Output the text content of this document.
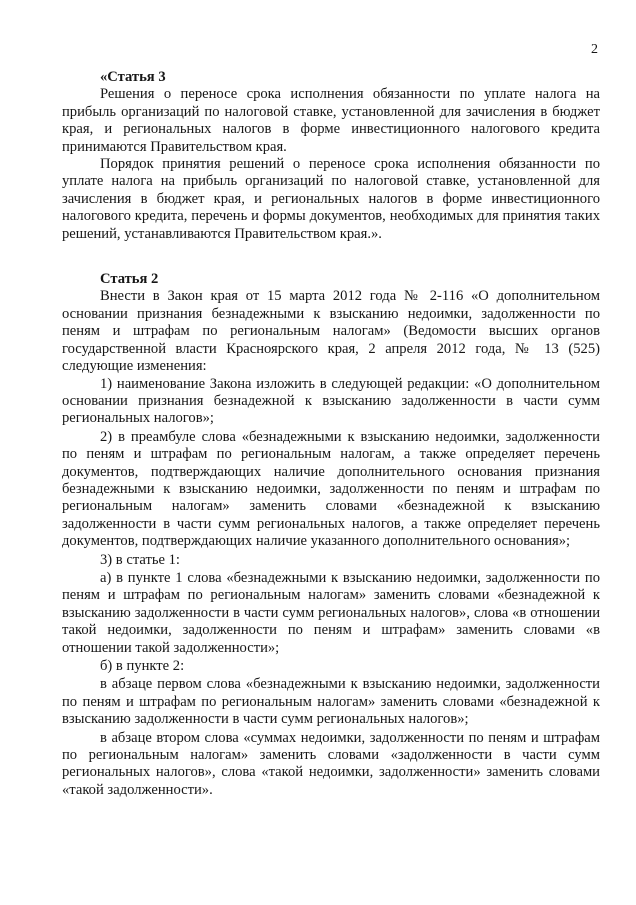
2

«Статья 3

Решения о переносе срока исполнения обязанности по уплате налога на прибыль организаций по налоговой ставке, установленной для зачисления в бюджет края, и региональных налогов в форме инвестиционного налогового кредита принимаются Правительством края.

Порядок принятия решений о переносе срока исполнения обязанности по уплате налога на прибыль организаций по налоговой ставке, установленной для зачисления в бюджет края, и региональных налогов в форме инвестиционного налогового кредита, перечень и формы документов, необходимых для принятия таких решений, устанавливаются Правительством края.».

Статья 2

Внести в Закон края от 15 марта 2012 года № 2-116 «О дополнительном основании признания безнадежными к взысканию недоимки, задолженности по пеням и штрафам по региональным налогам» (Ведомости высших органов государственной власти Красноярского края, 2 апреля 2012 года, № 13 (525) следующие изменения:

1) наименование Закона изложить в следующей редакции: «О дополнительном основании признания безнадежной к взысканию задолженности в части сумм региональных налогов»;

2) в преамбуле слова «безнадежными к взысканию недоимки, задолженности по пеням и штрафам по региональным налогам, а также определяет перечень документов, подтверждающих наличие дополнительного основания признания безнадежными к взысканию недоимки, задолженности по пеням и штрафам по региональным налогам» заменить словами «безнадежной к взысканию задолженности в части сумм региональных налогов, а также определяет перечень документов, подтверждающих наличие указанного дополнительного основания»;

3) в статье 1:

а) в пункте 1 слова «безнадежными к взысканию недоимки, задолженности по пеням и штрафам по региональным налогам» заменить словами «безнадежной к взысканию задолженности в части сумм региональных налогов», слова «в отношении такой недоимки, задолженности по пеням и штрафам» заменить словами «в отношении такой задолженности»;

б) в пункте 2:

в абзаце первом слова «безнадежными к взысканию недоимки, задолженности по пеням и штрафам по региональным налогам» заменить словами «безнадежной к взысканию задолженности в части сумм региональных налогов»;

в абзаце втором слова «суммах недоимки, задолженности по пеням и штрафам по региональным налогам» заменить словами «задолженности в части сумм региональных налогов», слова «такой недоимки, задолженности» заменить словами «такой задолженности».
